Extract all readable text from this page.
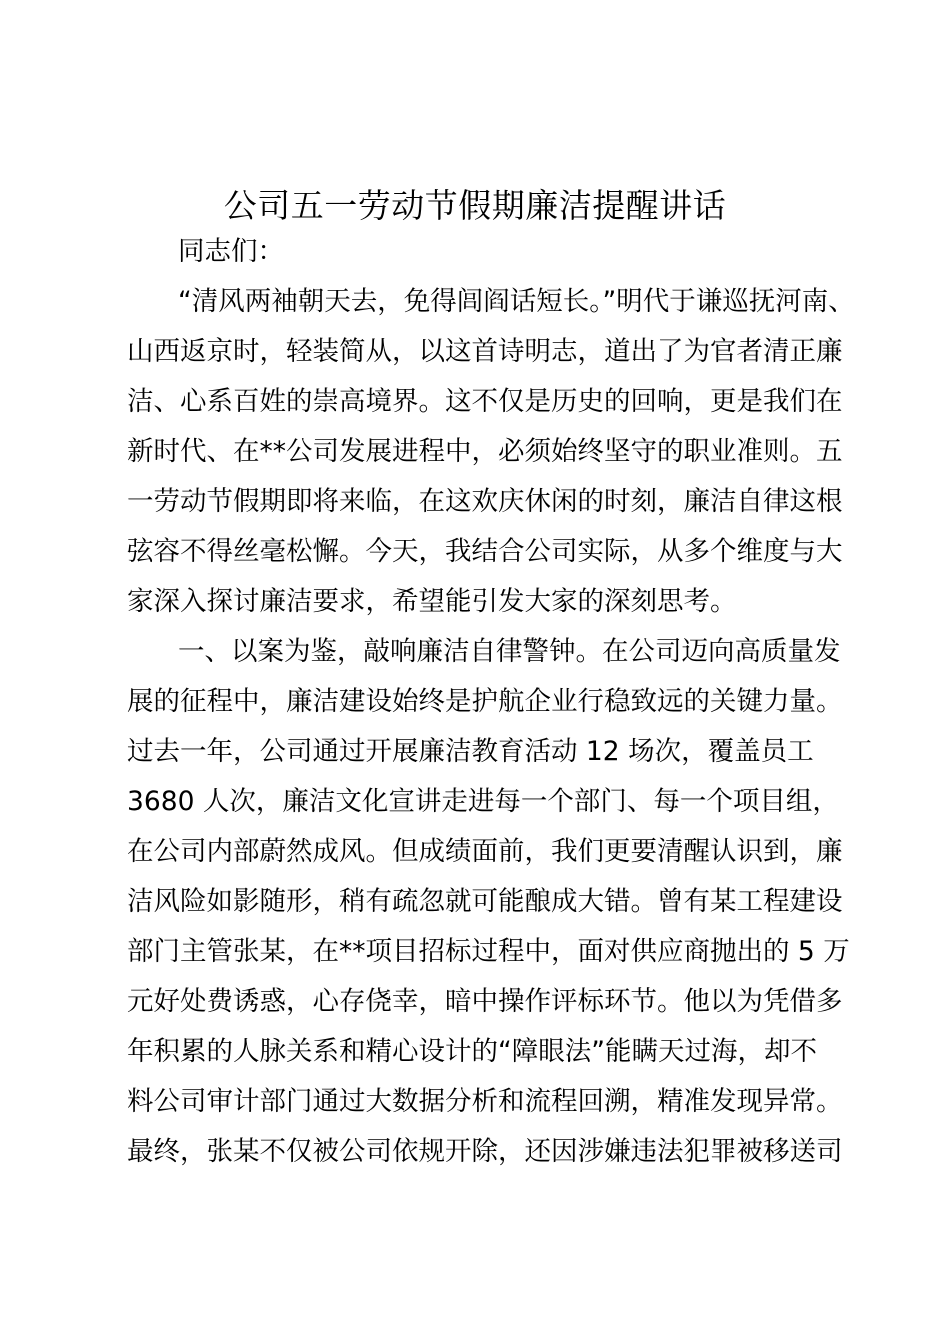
公司五一劳动节假期廉洁提醒讲话
同志们：
“清风两袖朝天去，免得闾阎话短长。”明代于谦巡抚河南、
山西返京时，轻装简从，以这首诗明志，道出了为官者清正廉
洁、心系百姓的崇高境界。这不仅是历史的回响，更是我们在
新时代、在**公司发展进程中，必须始终坚守的职业准则。五
一劳动节假期即将来临，在这欢庆休闲的时刻，廉洁自律这根
弦容不得丝毫松懈。今天，我结合公司实际，从多个维度与大
家深入探讨廉洁要求，希望能引发大家的深刻思考。
一、以案为鉴，敲响廉洁自律警钟。在公司迈向高质量发
展的征程中，廉洁建设始终是护航企业行稳致远的关键力量。
过去一年，公司通过开展廉洁教育活动 12 场次，覆盖员工
3680 人次，廉洁文化宣讲走进每一个部门、每一个项目组，
在公司内部蔚然成风。但成绩面前，我们更要清醒认识到，廉
洁风险如影随形，稍有疏忽就可能酿成大错。曾有某工程建设
部门主管张某，在**项目招标过程中，面对供应商抛出的 5 万
元好处费诱惑，心存侥幸，暗中操作评标环节。他以为凭借多
年积累的人脉关系和精心设计的“障眼法”能瞒天过海，却不
料公司审计部门通过大数据分析和流程回溯，精准发现异常。
最终，张某不仅被公司依规开除，还因涉嫌违法犯罪被移送司
